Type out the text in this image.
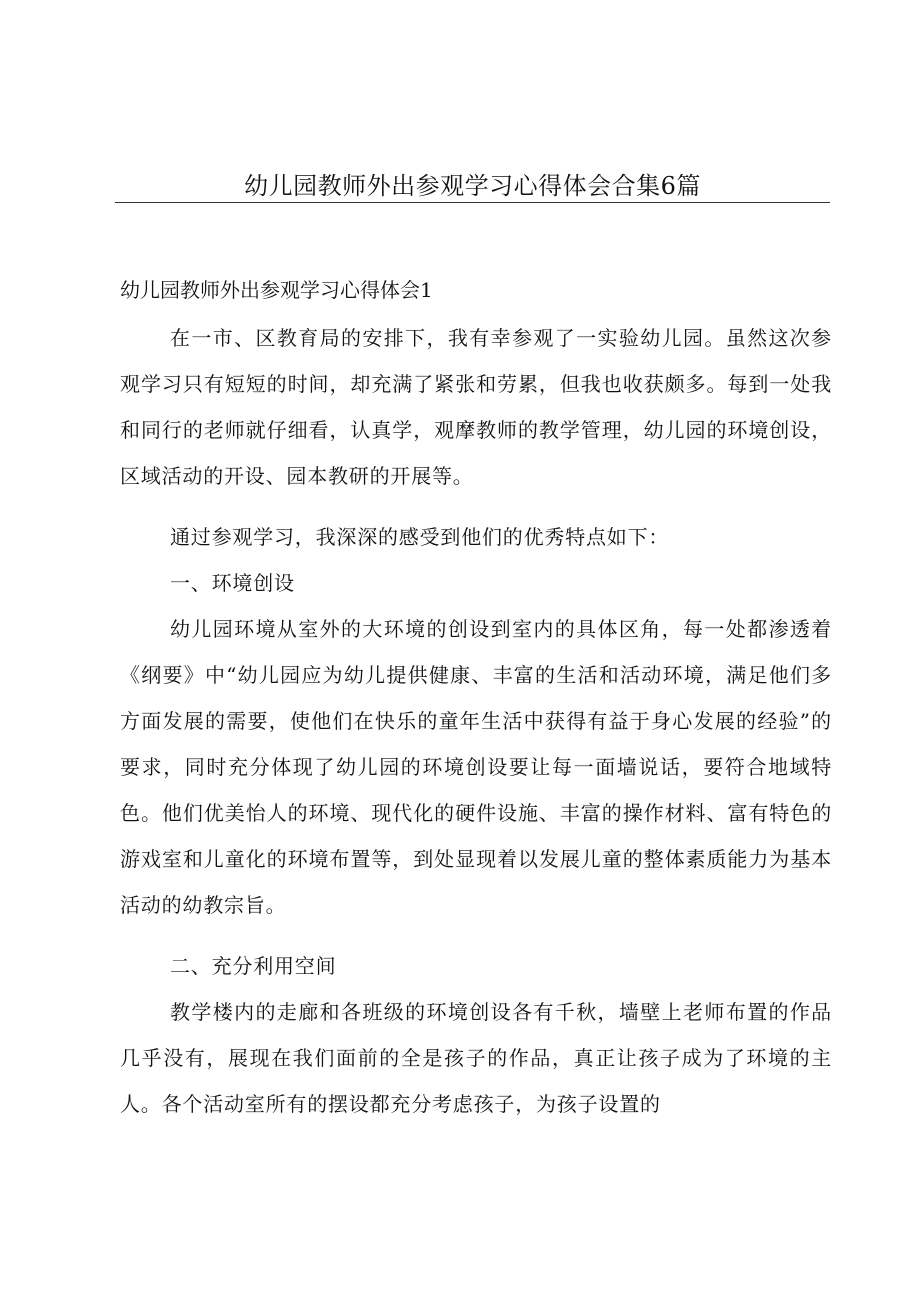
幼儿园教师外出参观学习心得体会合集6篇
幼儿园教师外出参观学习心得体会1

在一市、区教育局的安排下，我有幸参观了一实验幼儿园。虽然这次参观学习只有短短的时间，却充满了紧张和劳累，但我也收获颇多。每到一处我和同行的老师就仔细看，认真学，观摩教师的教学管理，幼儿园的环境创设，区域活动的开设、园本教研的开展等。

通过参观学习，我深深的感受到他们的优秀特点如下：

一、环境创设

幼儿园环境从室外的大环境的创设到室内的具体区角，每一处都渗透着《纲要》中“幼儿园应为幼儿提供健康、丰富的生活和活动环境，满足他们多方面发展的需要，使他们在快乐的童年生活中获得有益于身心发展的经验”的要求，同时充分体现了幼儿园的环境创设要让每一面墙说话，要符合地域特色。他们优美怡人的环境、现代化的硬件设施、丰富的操作材料、富有特色的游戏室和儿童化的环境布置等，到处显现着以发展儿童的整体素质能力为基本活动的幼教宗旨。

二、充分利用空间

教学楼内的走廊和各班级的环境创设各有千秋，墙壁上老师布置的作品几乎没有，展现在我们面前的全是孩子的作品，真正让孩子成为了环境的主人。各个活动室所有的摆设都充分考虑孩子，为孩子设置的
